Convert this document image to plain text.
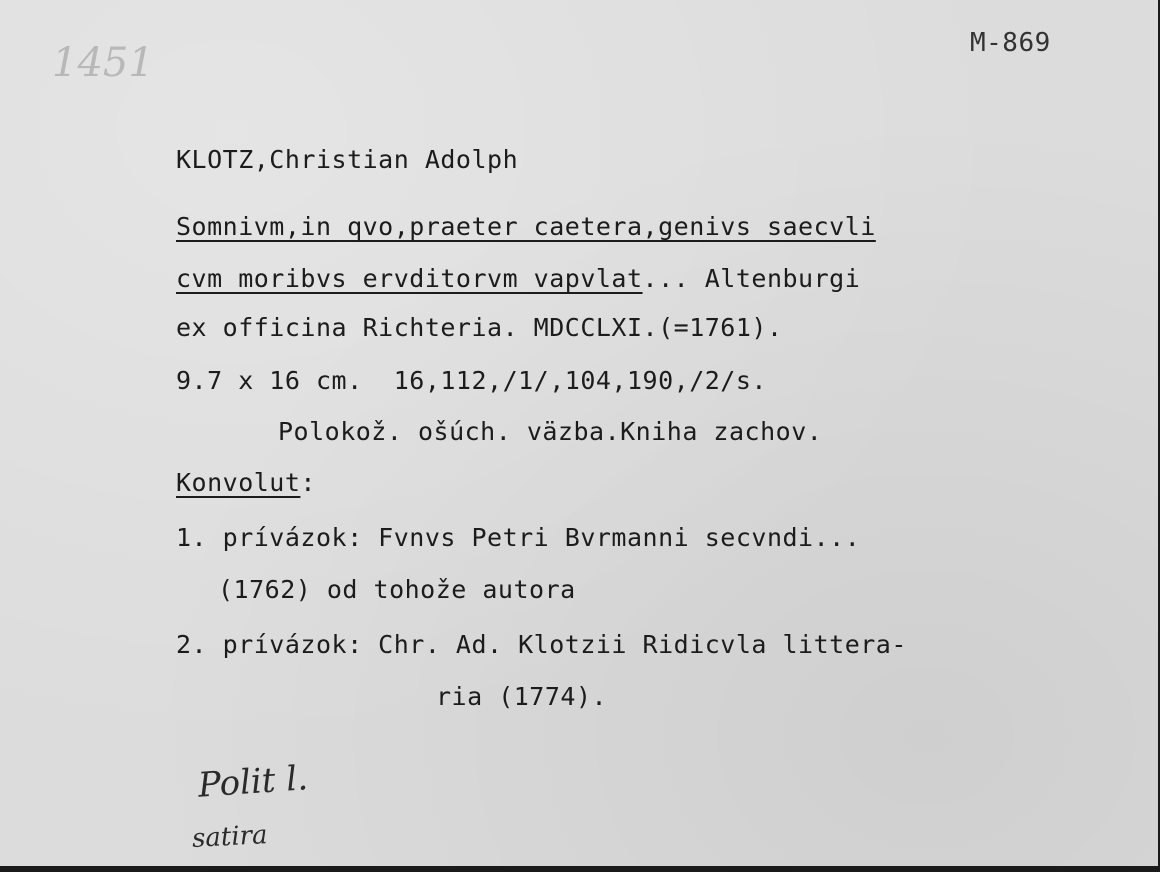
1451	M-869
KLOTZ,Christian Adolph
Somnivm,in qvo,praeter caetera,genivs saecvli
cvm moribvs ervditorvm vapvlat... Altenburgi
ex officina Richteria. MDCCLXI.(=1761).
9.7 x 16 cm.  16,112,/1/,104,190,/2/s.
Polokož. ošúch. väzba.Kniha zachov.
Konvolut:
1. prívázok: Fvnvs Petri Bvrmanni secvndi...
(1762) od tohože autora
2. prívázok: Chr. Ad. Klotzii Ridicvla littera-
ria (1774).
Polit l.
satira
